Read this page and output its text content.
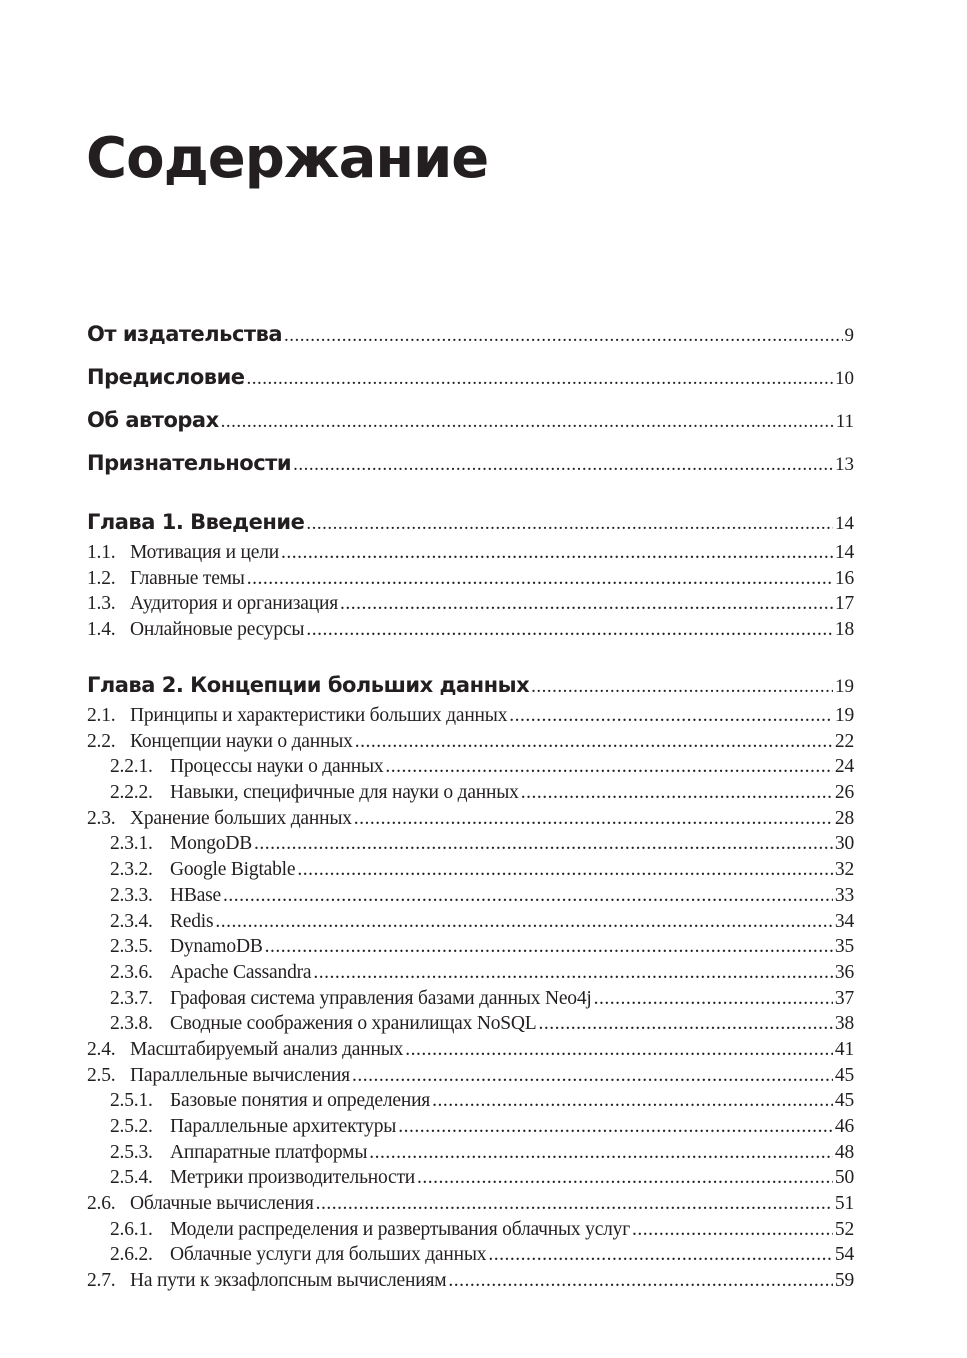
Содержание
От издательства .....	9
Предисловие .....	10
Об авторах .....	11
Признательности .....	13
Глава 1. Введение .....	14
1.1. Мотивация и цели .....	14
1.2. Главные темы .....	16
1.3. Аудитория и организация .....	17
1.4. Онлайновые ресурсы .....	18
Глава 2. Концепции больших данных .....	19
2.1. Принципы и характеристики больших данных .....	19
2.2. Концепции науки о данных .....	22
2.2.1. Процессы науки о данных .....	24
2.2.2. Навыки, специфичные для науки о данных .....	26
2.3. Хранение больших данных .....	28
2.3.1. MongoDB .....	30
2.3.2. Google Bigtable .....	32
2.3.3. HBase .....	33
2.3.4. Redis .....	34
2.3.5. DynamoDB .....	35
2.3.6. Apache Cassandra .....	36
2.3.7. Графовая система управления базами данных Neo4j .....	37
2.3.8. Сводные соображения о хранилищах NoSQL .....	38
2.4. Масштабируемый анализ данных .....	41
2.5. Параллельные вычисления .....	45
2.5.1. Базовые понятия и определения .....	45
2.5.2. Параллельные архитектуры .....	46
2.5.3. Аппаратные платформы .....	48
2.5.4. Метрики производительности .....	50
2.6. Облачные вычисления .....	51
2.6.1. Модели распределения и развертывания облачных услуг .....	52
2.6.2. Облачные услуги для больших данных .....	54
2.7. На пути к экзафлопсным вычислениям .....	59
